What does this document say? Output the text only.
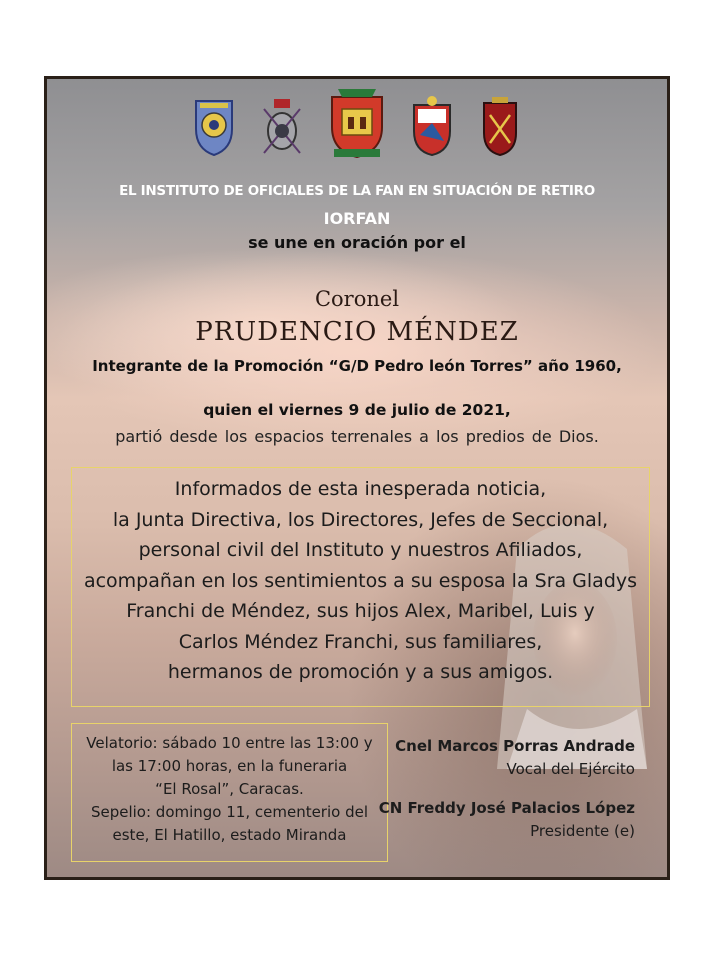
EL INSTITUTO DE OFICIALES DE LA FAN EN SITUACIÓN DE RETIRO
IORFAN
se une en oración por el
Coronel
PRUDENCIO MÉNDEZ
Integrante de la Promoción “G/D Pedro león Torres” año 1960,
quien el viernes 9 de julio de 2021,
partió desde los espacios terrenales a los predios de Dios.
Informados de esta inesperada noticia,
la Junta Directiva, los Directores, Jefes de Seccional,
personal civil del Instituto y nuestros Afiliados,
acompañan en los sentimientos a su esposa la Sra Gladys
Franchi de Méndez, sus hijos Alex, Maribel, Luis y
Carlos Méndez Franchi, sus familiares,
hermanos de promoción y a sus amigos.
Velatorio: sábado 10 entre las 13:00 y
las 17:00 horas, en la funeraria
“El Rosal”, Caracas.
Sepelio: domingo 11, cementerio del
este, El Hatillo, estado Miranda
Cnel Marcos Porras Andrade
Vocal del Ejército
CN Freddy José Palacios López
Presidente (e)
